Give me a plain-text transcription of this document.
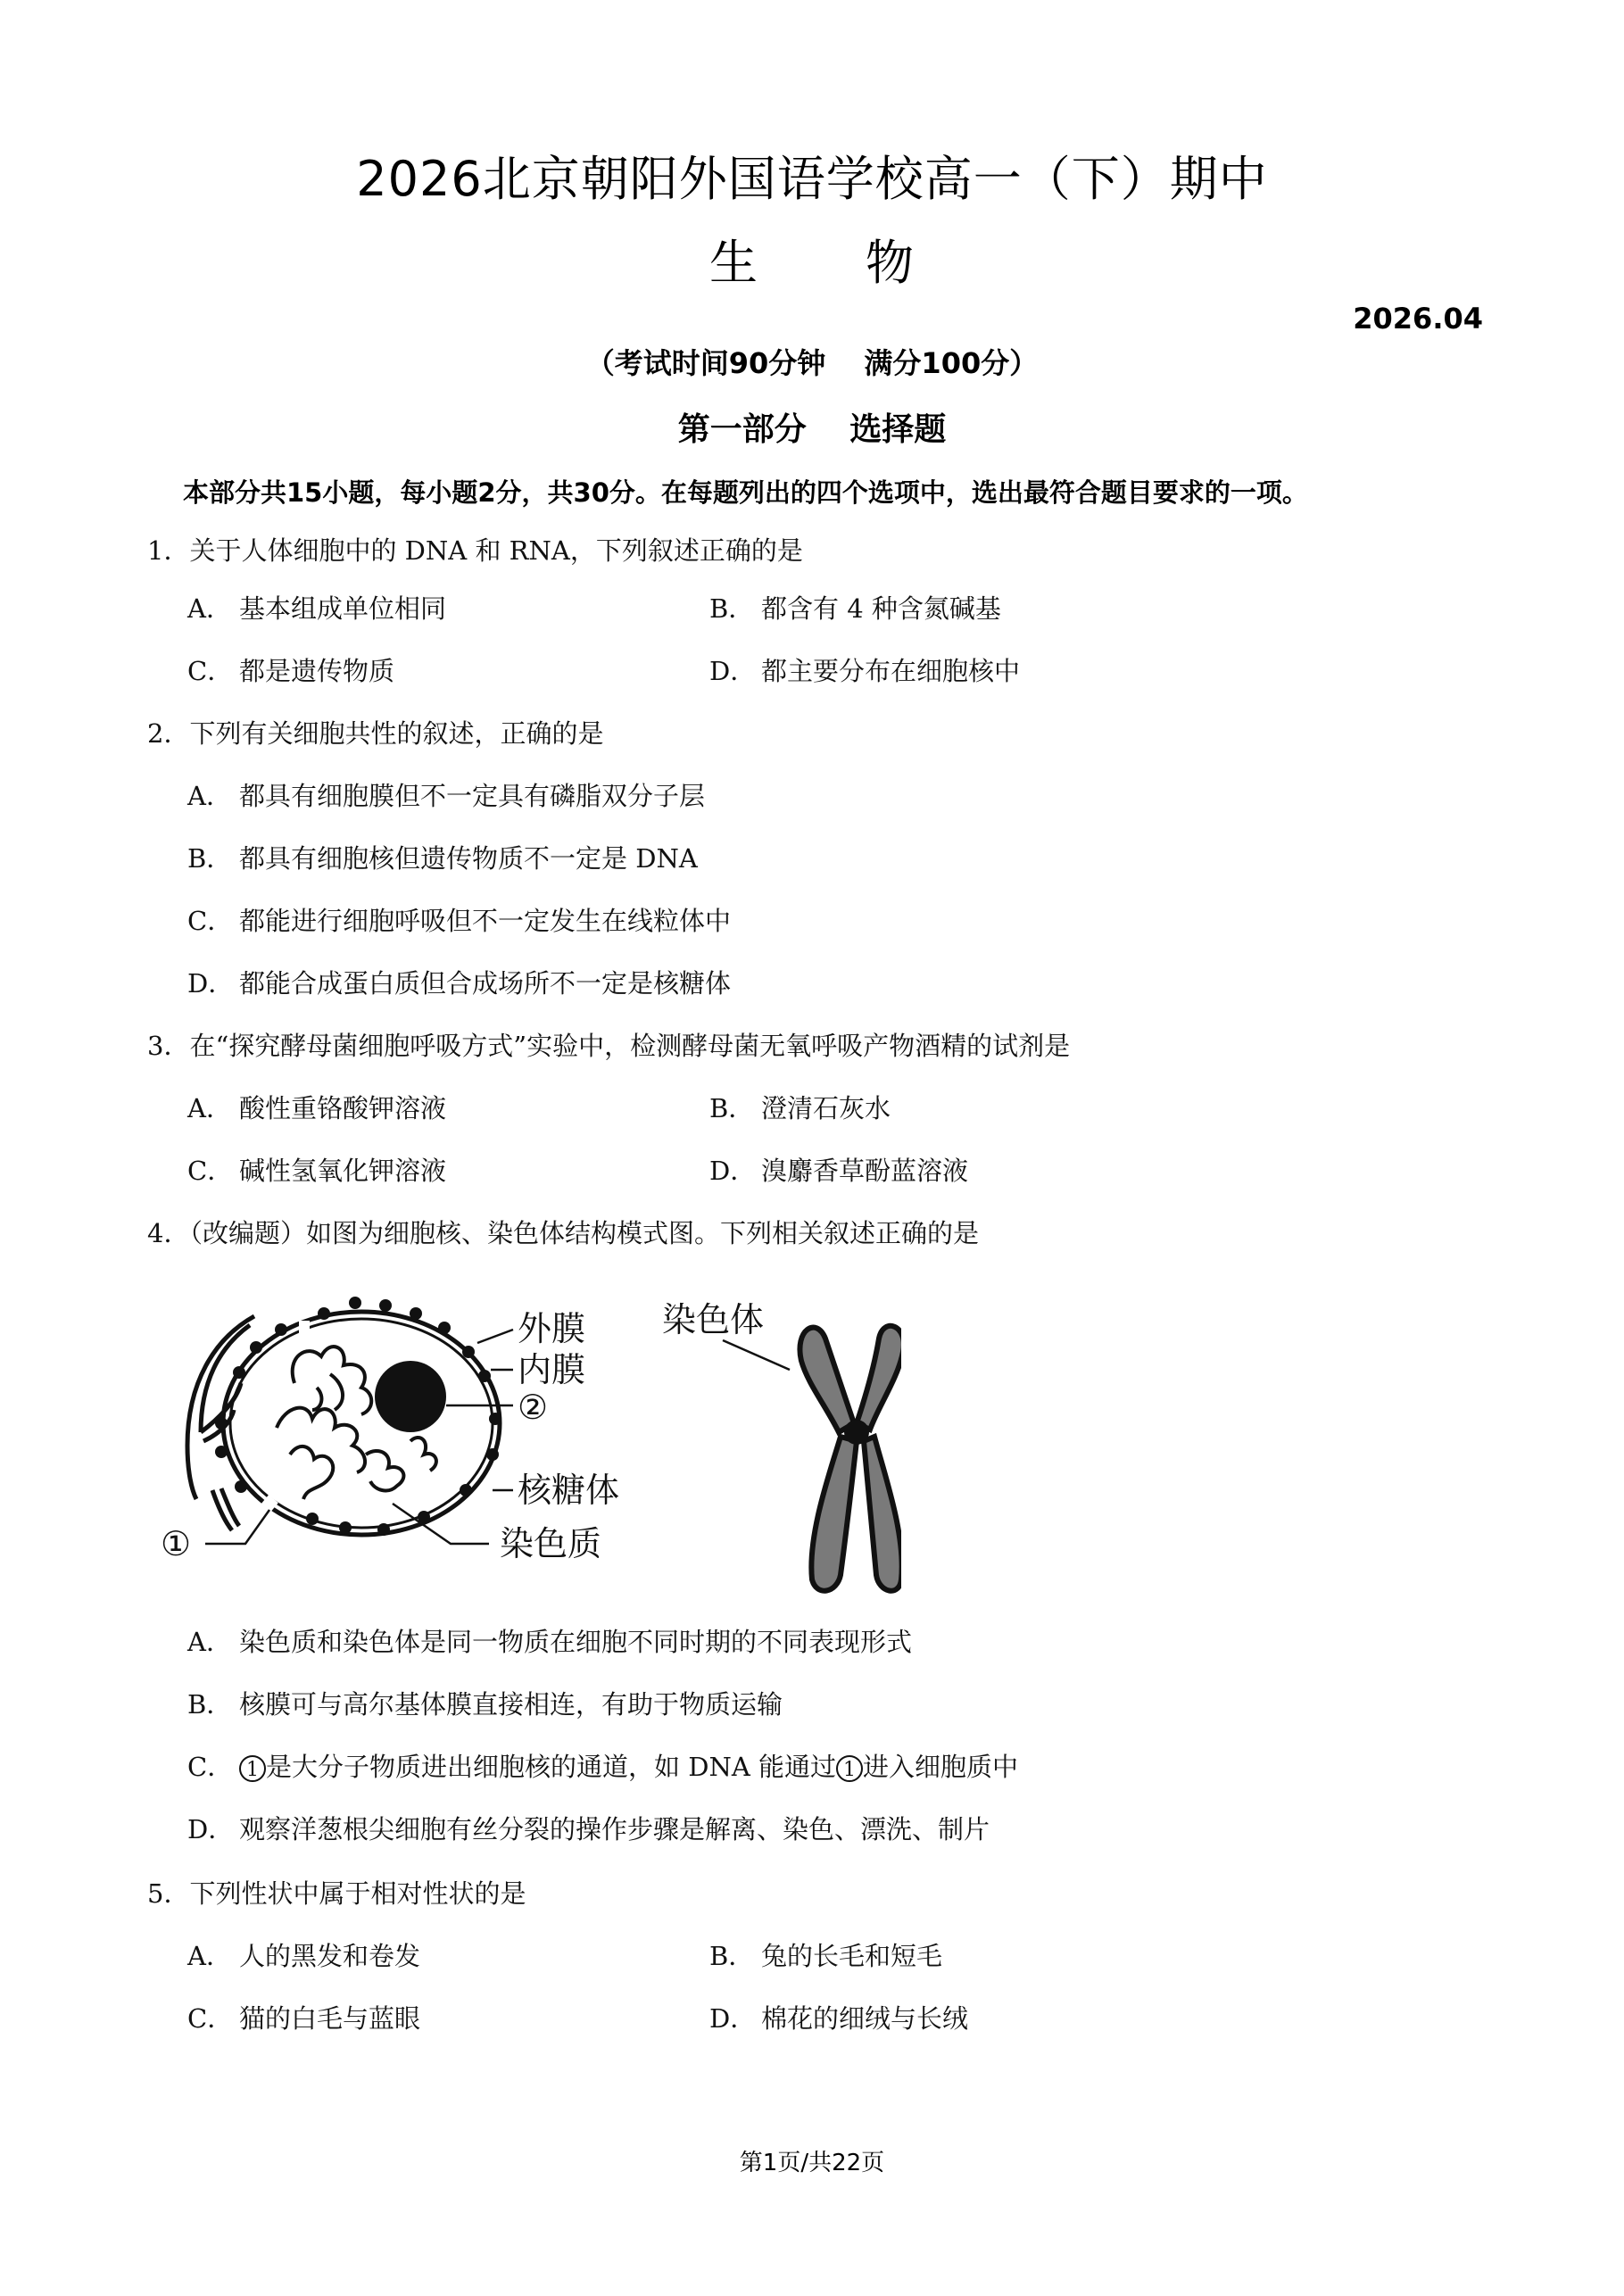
2026北京朝阳外国语学校高一（下）期中
生 物
2026.04
（考试时间90分钟　 满分100分）
第一部分　 选择题
本部分共15小题，每小题2分，共30分。在每题列出的四个选项中，选出最符合题目要求的一项。
1．关于人体细胞中的 DNA 和 RNA，下列叙述正确的是
A． 基本组成单位相同	B． 都含有 4 种含氮碱基
C． 都是遗传物质	D． 都主要分布在细胞核中
2．下列有关细胞共性的叙述，正确的是
A． 都具有细胞膜但不一定具有磷脂双分子层
B． 都具有细胞核但遗传物质不一定是 DNA
C． 都能进行细胞呼吸但不一定发生在线粒体中
D． 都能合成蛋白质但合成场所不一定是核糖体
3．在“探究酵母菌细胞呼吸方式”实验中，检测酵母菌无氧呼吸产物酒精的试剂是
A． 酸性重铬酸钾溶液	B． 澄清石灰水
C． 碱性氢氧化钾溶液	D． 溴麝香草酚蓝溶液
4．（改编题）如图为细胞核、染色体结构模式图。下列相关叙述正确的是
外膜
内膜
②
核糖体
染色质
①
染色体
A． 染色质和染色体是同一物质在细胞不同时期的不同表现形式
B． 核膜可与高尔基体膜直接相连，有助于物质运输
C． 1 是大分子物质进出细胞核的通道，如 DNA 能通过 1 进入细胞质中
D． 观察洋葱根尖细胞有丝分裂的操作步骤是解离、染色、漂洗、制片
5．下列性状中属于相对性状的是
A． 人的黑发和卷发	B． 兔的长毛和短毛
C． 猫的白毛与蓝眼	D． 棉花的细绒与长绒
第1页/共22页
